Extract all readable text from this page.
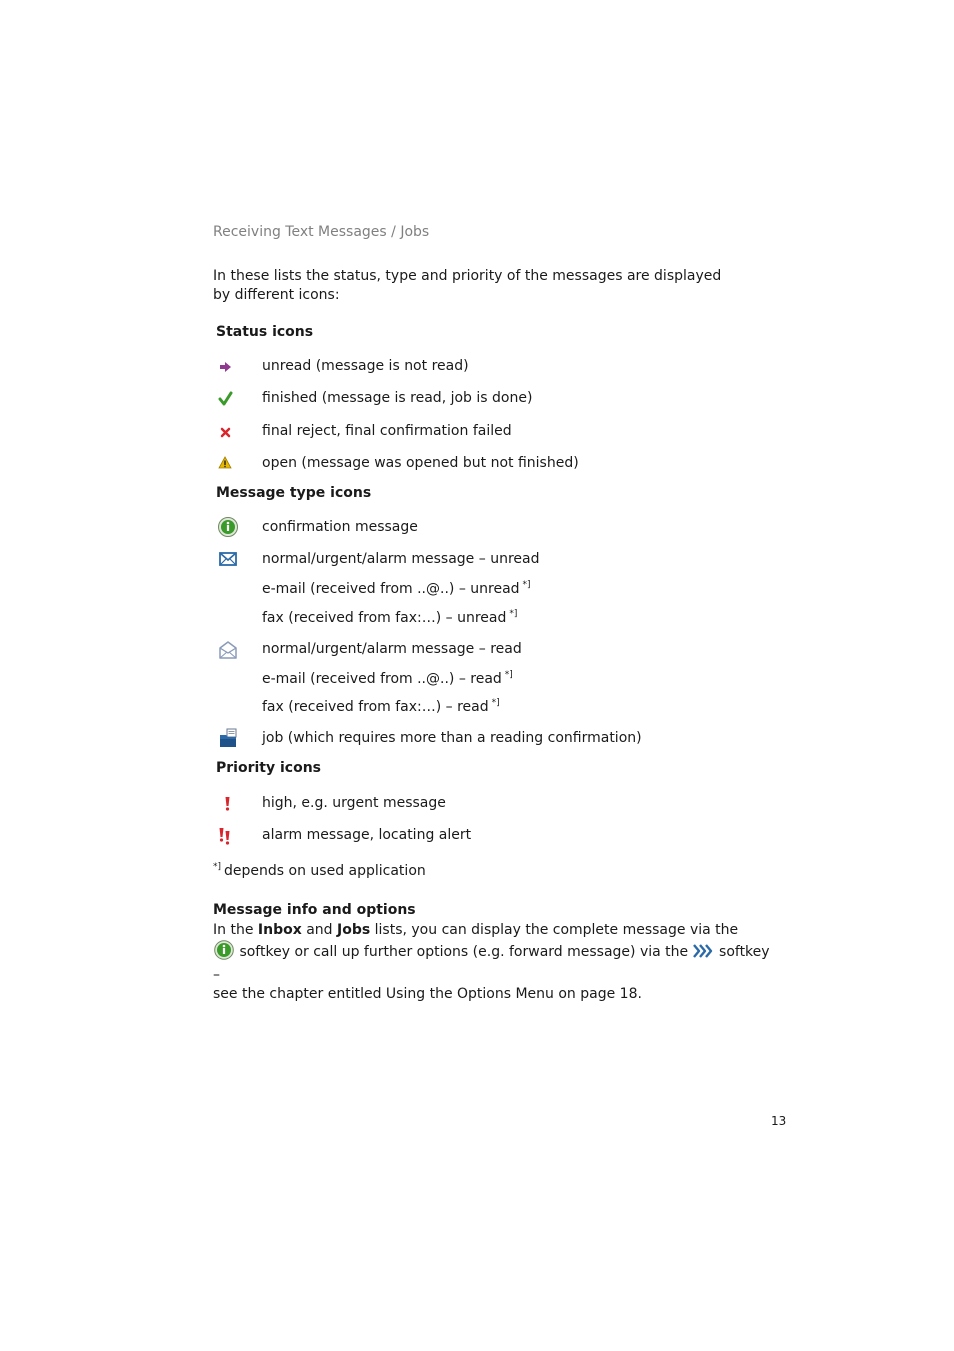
Receiving Text Messages / Jobs
In these lists the status, type and priority of the messages are displayed by different icons:
Status icons
unread (message is not read)
finished (message is read, job is done)
final reject, final confirmation failed
open (message was opened but not finished)
Message type icons
confirmation message
normal/urgent/alarm message – unread
e-mail (received from ..@..) – unread *]
fax (received from fax:…) – unread *]
normal/urgent/alarm message – read
e-mail (received from ..@..) – read *]
fax (received from fax:…) – read *]
job (which requires more than a reading confirmation)
Priority icons
high, e.g. urgent message
alarm message, locating alert
*] depends on used application
Message info and options
In the Inbox and Jobs lists, you can display the complete message via the
softkey or call up further options (e.g. forward message) via the  softkey –
see the chapter entitled Using the Options Menu on page 18.
13
